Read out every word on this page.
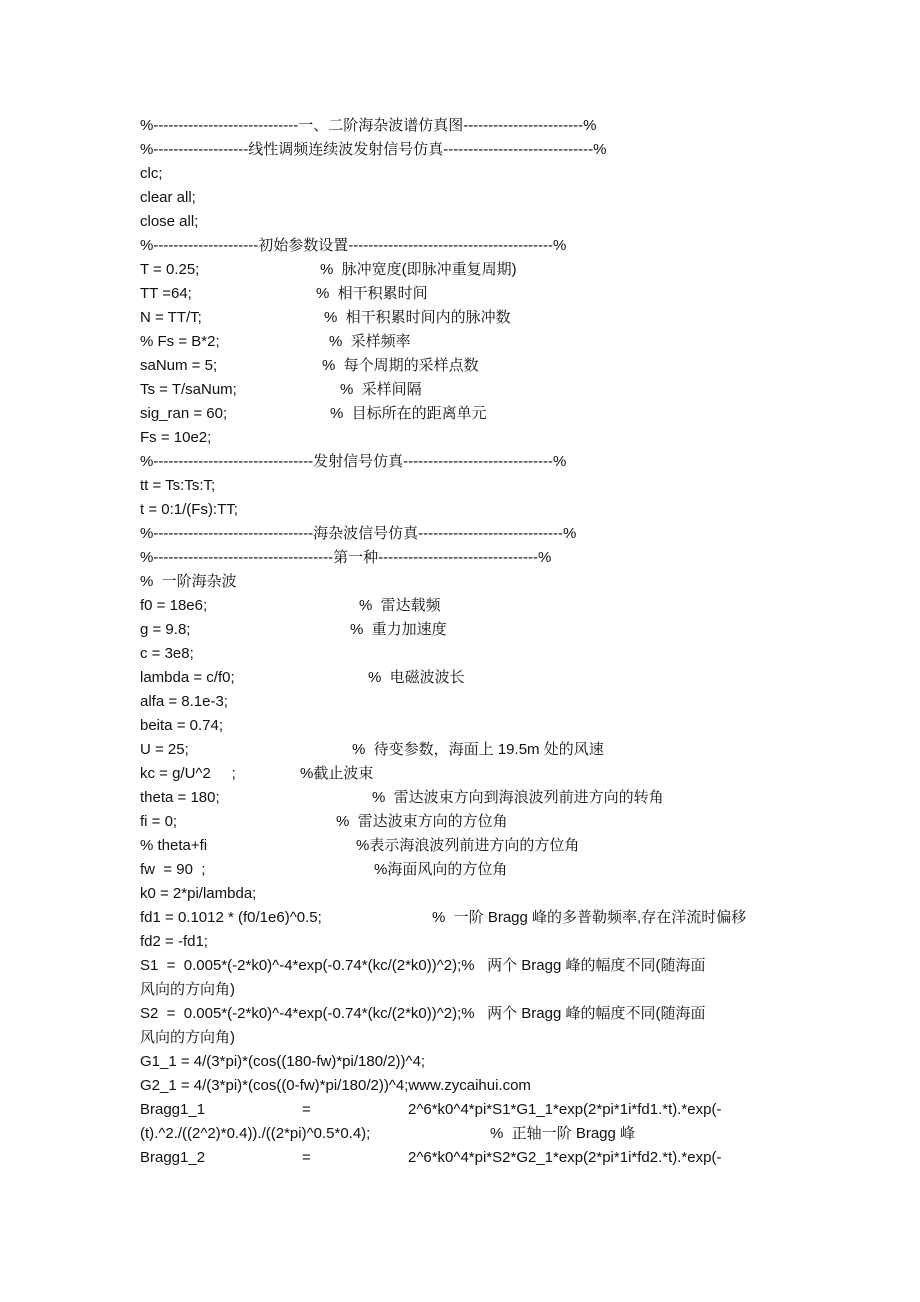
%-----------------------------一、二阶海杂波谱仿真图------------------------%
%-------------------线性调频连续波发射信号仿真------------------------------%
clc;
clear all;
close all;
%---------------------初始参数设置-----------------------------------------%
T = 0.25;	%  脉冲宽度(即脉冲重复周期)
TT =64;	%  相干积累时间
N = TT/T;	%  相干积累时间内的脉冲数
% Fs = B*2;	%  采样频率
saNum = 5;	%  每个周期的采样点数
Ts = T/saNum;	%  采样间隔
sig_ran = 60;	%  目标所在的距离单元
Fs = 10e2;
%--------------------------------发射信号仿真------------------------------%
tt = Ts:Ts:T;
t = 0:1/(Fs):TT;
%--------------------------------海杂波信号仿真-----------------------------%
%------------------------------------第一种--------------------------------%
%  一阶海杂波
f0 = 18e6;	%  雷达载频
g = 9.8;	%  重力加速度
c = 3e8;
lambda = c/f0;	%  电磁波波长
alfa = 8.1e-3;
beita = 0.74;
U = 25;	%  待变参数，海面上 19.5m 处的风速
kc = g/U^2     ;	%截止波束
theta = 180;	%  雷达波束方向到海浪波列前进方向的转角
fi = 0;	%  雷达波束方向的方位角
% theta+fi	%表示海浪波列前进方向的方位角
fw  = 90  ;	%海面风向的方位角
k0 = 2*pi/lambda;
fd1 = 0.1012 * (f0/1e6)^0.5;	%  一阶 Bragg 峰的多普勒频率,存在洋流时偏移
fd2 = -fd1;
S1  =  0.005*(-2*k0)^-4*exp(-0.74*(kc/(2*k0))^2);%   两个 Bragg 峰的幅度不同(随海面
风向的方向角)
S2  =  0.005*(-2*k0)^-4*exp(-0.74*(kc/(2*k0))^2);%   两个 Bragg 峰的幅度不同(随海面
风向的方向角)
G1_1 = 4/(3*pi)*(cos((180-fw)*pi/180/2))^4;
G2_1 = 4/(3*pi)*(cos((0-fw)*pi/180/2))^4;www.zycaihui.com
Bragg1_1	=	2^6*k0^4*pi*S1*G1_1*exp(2*pi*1i*fd1.*t).*exp(-
(t).^2./((2^2)*0.4))./((2*pi)^0.5*0.4);	%  正轴一阶 Bragg 峰
Bragg1_2	=	2^6*k0^4*pi*S2*G2_1*exp(2*pi*1i*fd2.*t).*exp(-
